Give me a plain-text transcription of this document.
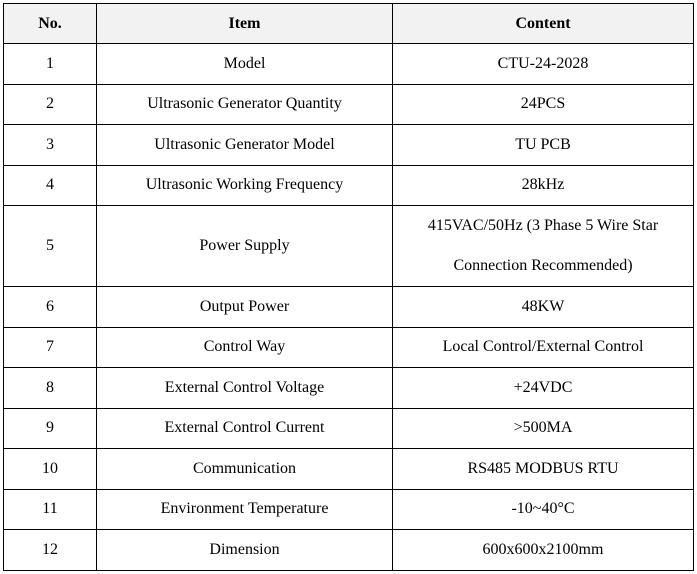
No.	Item	Content
1	Model	CTU-24-2028
2	Ultrasonic Generator Quantity	24PCS
3	Ultrasonic Generator Model	TU PCB
4	Ultrasonic Working Frequency	28kHz
5	Power Supply	415VAC/50Hz (3 Phase 5 Wire Star
Connection Recommended)

6	Output Power	48KW
7	Control Way	Local Control/External Control
8	External Control Voltage	+24VDC
9	External Control Current	>500MA
10	Communication	RS485 MODBUS RTU
11	Environment Temperature	-10~40°C
12	Dimension	600x600x2100mm
